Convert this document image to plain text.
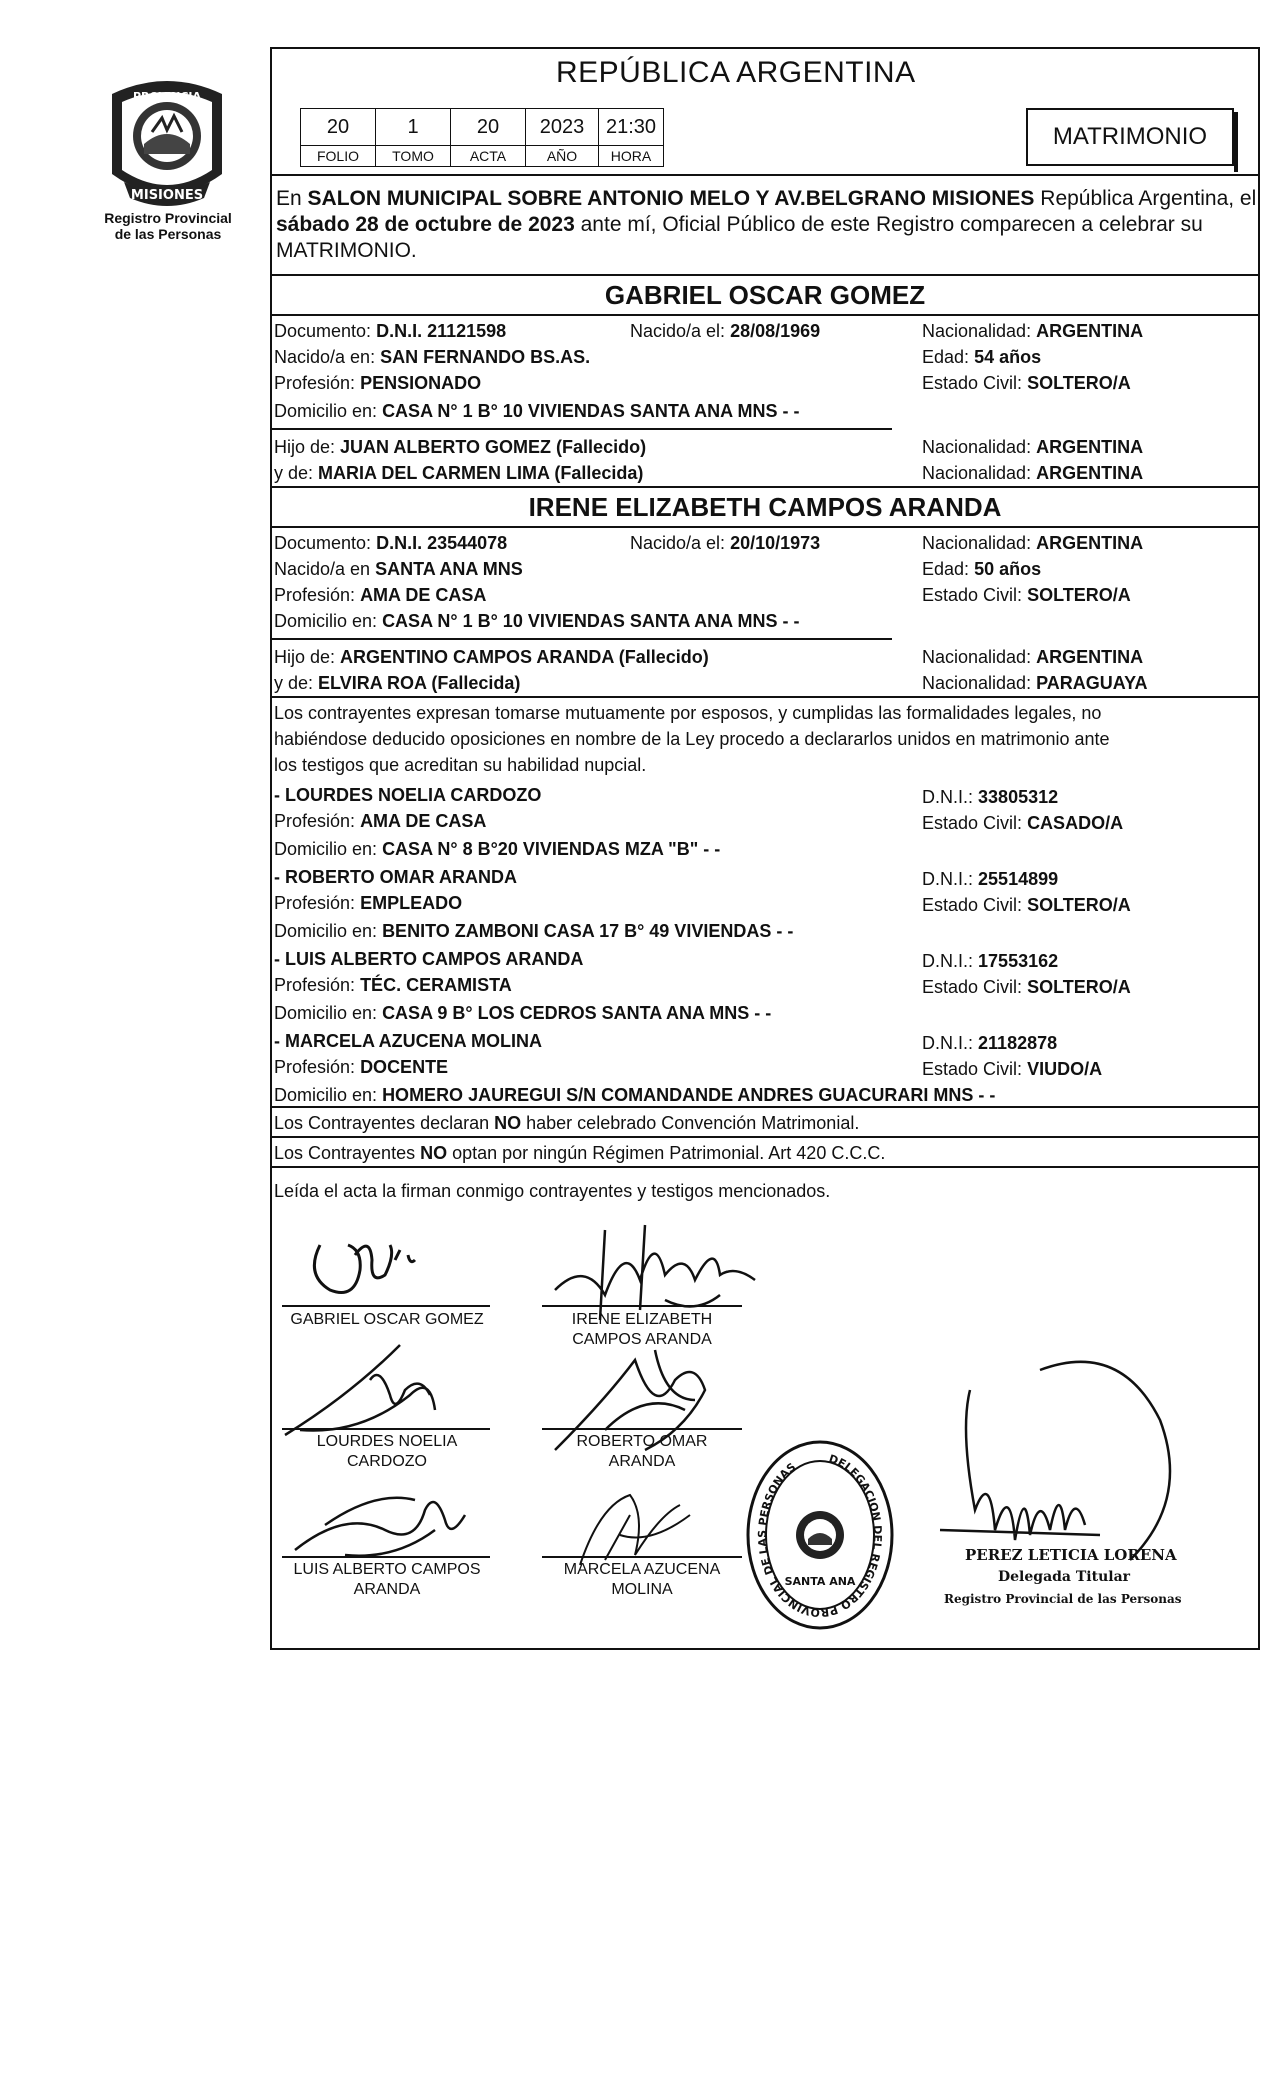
PROVINCIA
MISIONES
Registro Provincial
de las Personas
REPÚBLICA ARGENTINA
20	1	20	2023	21:30
FOLIO	TOMO	ACTA	AÑO	HORA
MATRIMONIO
En SALON MUNICIPAL SOBRE ANTONIO MELO Y AV.BELGRANO MISIONES República Argentina, el sábado 28 de octubre de 2023 ante mí, Oficial Público de este Registro comparecen a celebrar su MATRIMONIO.
GABRIEL OSCAR GOMEZ
Documento: D.N.I. 21121598	Nacido/a el: 28/08/1969	Nacionalidad: ARGENTINA
Nacido/a en: SAN FERNANDO BS.AS.	Edad: 54 años
Profesión: PENSIONADO	Estado Civil: SOLTERO/A
Domicilio en: CASA N° 1 B° 10 VIVIENDAS SANTA ANA MNS - -
Hijo de: JUAN ALBERTO GOMEZ (Fallecido)	Nacionalidad: ARGENTINA
y de: MARIA DEL CARMEN LIMA (Fallecida)	Nacionalidad: ARGENTINA
IRENE ELIZABETH CAMPOS ARANDA
Documento: D.N.I. 23544078	Nacido/a el: 20/10/1973	Nacionalidad: ARGENTINA
Nacido/a en SANTA ANA MNS	Edad: 50 años
Profesión: AMA DE CASA	Estado Civil: SOLTERO/A
Domicilio en: CASA N° 1 B° 10 VIVIENDAS SANTA ANA MNS - -
Hijo de: ARGENTINO CAMPOS ARANDA (Fallecido)	Nacionalidad: ARGENTINA
y de: ELVIRA ROA (Fallecida)	Nacionalidad: PARAGUAYA
Los contrayentes expresan tomarse mutuamente por esposos, y cumplidas las formalidades legales, no
habiéndose deducido oposiciones en nombre de la Ley procedo a declararlos unidos en matrimonio ante
los testigos que acreditan su habilidad nupcial.
- LOURDES NOELIA CARDOZO	D.N.I.: 33805312
Profesión: AMA DE CASA	Estado Civil: CASADO/A
Domicilio en: CASA N° 8 B°20 VIVIENDAS MZA "B" - -
- ROBERTO OMAR ARANDA	D.N.I.: 25514899
Profesión: EMPLEADO	Estado Civil: SOLTERO/A
Domicilio en: BENITO ZAMBONI CASA 17 B° 49 VIVIENDAS - -
- LUIS ALBERTO CAMPOS ARANDA	D.N.I.: 17553162
Profesión: TÉC. CERAMISTA	Estado Civil: SOLTERO/A
Domicilio en: CASA 9 B° LOS CEDROS SANTA ANA MNS - -
- MARCELA AZUCENA MOLINA	D.N.I.: 21182878
Profesión: DOCENTE	Estado Civil: VIUDO/A
Domicilio en: HOMERO JAUREGUI S/N COMANDANDE ANDRES GUACURARI MNS - -
Los Contrayentes declaran NO haber celebrado Convención Matrimonial.
Los Contrayentes NO optan por ningún Régimen Patrimonial. Art 420 C.C.C.
Leída el acta la firman conmigo contrayentes y testigos mencionados.
GABRIEL OSCAR GOMEZ	IRENE ELIZABETH
CAMPOS ARANDA
LOURDES NOELIA
CARDOZO
ROBERTO OMAR
ARANDA
LUIS ALBERTO CAMPOS
ARANDA
MARCELA AZUCENA
MOLINA
DELEGACION DEL REGISTRO PROVINCIAL DE LAS PERSONAS
SANTA ANA
PEREZ LETICIA LORENA
Delegada Titular
Registro Provincial de las Personas
